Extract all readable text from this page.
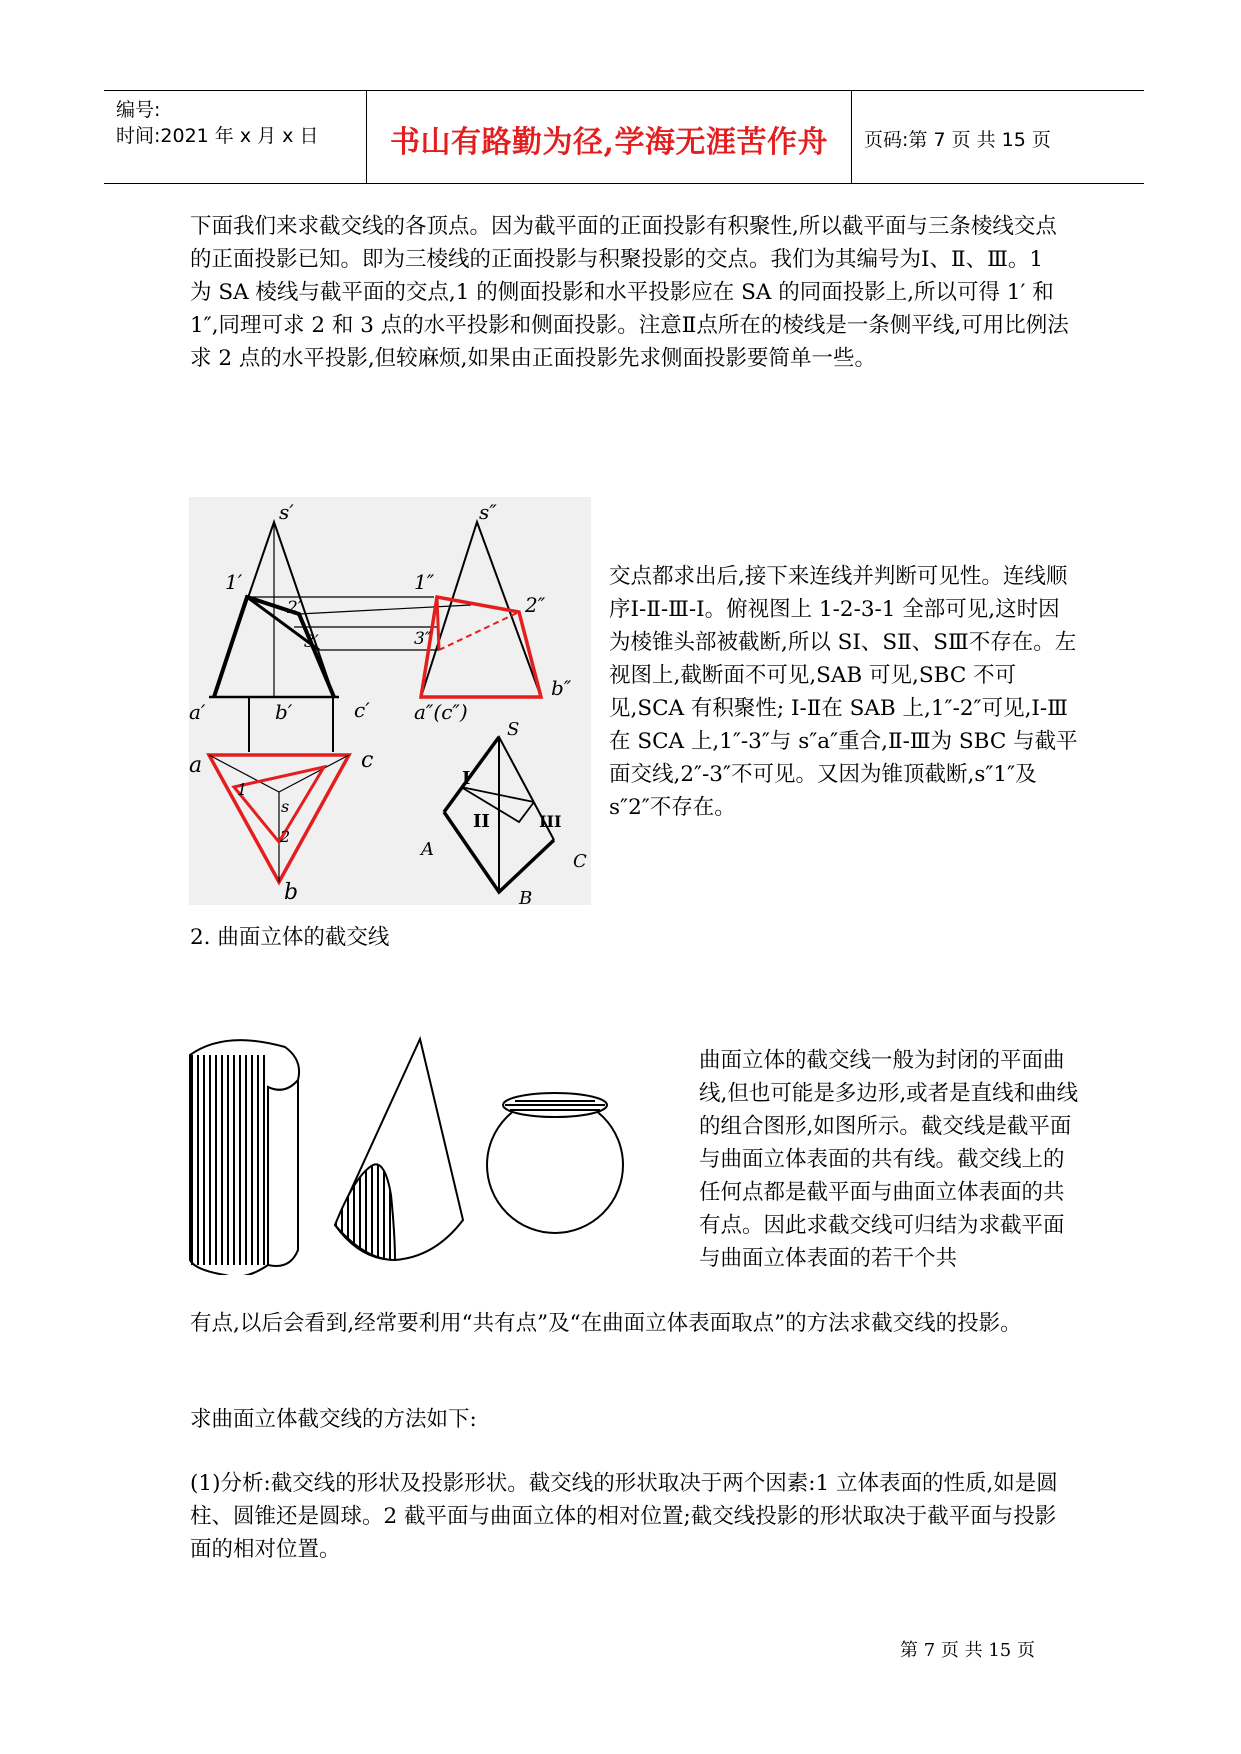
编号:
时间:2021 年 x 月 x 日	书山有路勤为径,学海无涯苦作舟	页码:第 7 页 共 15 页
下面我们来求截交线的各顶点。因为截平面的正面投影有积聚性,所以截平面与三条棱线交点的正面投影已知。即为三棱线的正面投影与积聚投影的交点。我们为其编号为Ⅰ、Ⅱ、Ⅲ。1 为 SA 棱线与截平面的交点,1 的侧面投影和水平投影应在 SA 的同面投影上,所以可得 1′ 和 1″,同理可求 2 和 3 点的水平投影和侧面投影。注意Ⅱ点所在的棱线是一条侧平线,可用比例法求 2 点的水平投影,但较麻烦,如果由正面投影先求侧面投影要简单一些。
s′	s″
1′
2′
3′
1″
2″
3″
a′	b′	c′ a″(c″)
b″
a	c
b
s
1
2
S
I
II	III
A
B
C
交点都求出后,接下来连线并判断可见性。连线顺序Ⅰ-Ⅱ-Ⅲ-Ⅰ。俯视图上 1-2-3-1 全部可见,这时因为棱锥头部被截断,所以 SⅠ、SⅡ、SⅢ不存在。左视图上,截断面不可见,SAB 可见,SBC 不可见,SCA 有积聚性; Ⅰ-Ⅱ在 SAB 上,1″-2″可见,Ⅰ-Ⅲ在 SCA 上,1″-3″与 s″a″重合,Ⅱ-Ⅲ为 SBC 与截平面交线,2″-3″不可见。又因为锥顶截断,s″1″及 s″2″不存在。
2. 曲面立体的截交线
曲面立体的截交线一般为封闭的平面曲线,但也可能是多边形,或者是直线和曲线的组合图形,如图所示。截交线是截平面与曲面立体表面的共有线。截交线上的任何点都是截平面与曲面立体表面的共有点。因此求截交线可归结为求截平面与曲面立体表面的若干个共
有点,以后会看到,经常要利用“共有点”及“在曲面立体表面取点”的方法求截交线的投影。
求曲面立体截交线的方法如下:
(1)分析:截交线的形状及投影形状。截交线的形状取决于两个因素:1 立体表面的性质,如是圆柱、圆锥还是圆球。2 截平面与曲面立体的相对位置;截交线投影的形状取决于截平面与投影面的相对位置。
第 7 页 共 15 页
